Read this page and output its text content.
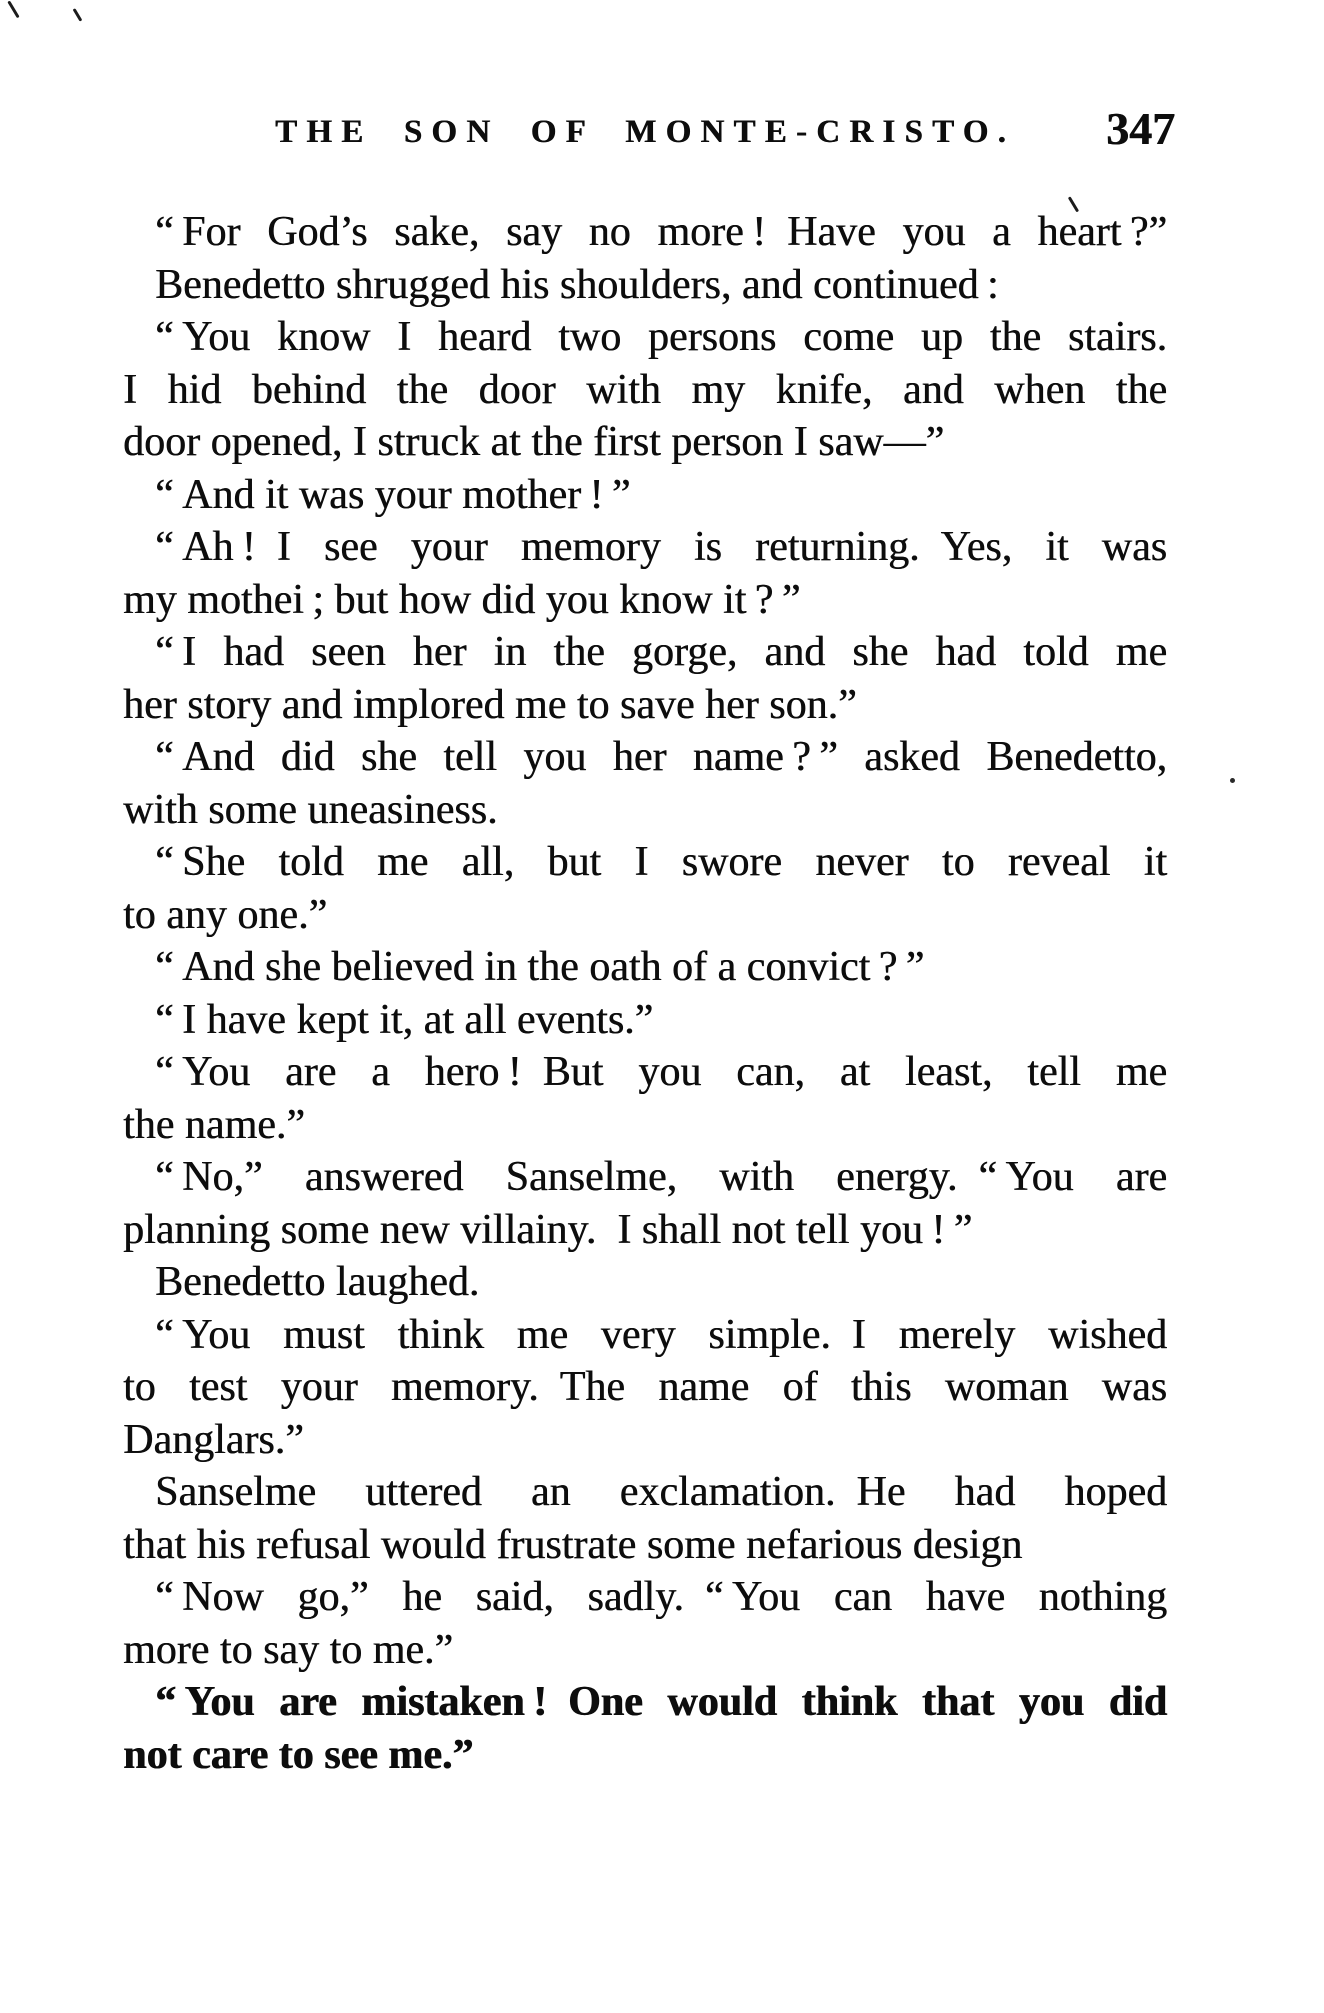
THE SON OF MONTE-CRISTO.	347
“ For God’s sake, say no more ! Have you a heart ?”
Benedetto shrugged his shoulders, and continued :
“ You know I heard two persons come up the stairs.
I hid behind the door with my knife, and when the
door opened, I struck at the first person I saw—”
“ And it was your mother ! ”
“ Ah ! I see your memory is returning. Yes, it was
my mothei ; but how did you know it ? ”
“ I had seen her in the gorge, and she had told me
her story and implored me to save her son.”
“ And did she tell you her name ? ” asked Benedetto,
with some uneasiness.
“ She told me all, but I swore never to reveal it
to any one.”
“ And she believed in the oath of a convict ? ”
“ I have kept it, at all events.”
“ You are a hero ! But you can, at least, tell me
the name.”
“ No,” answered Sanselme, with energy. “ You are
planning some new villainy. I shall not tell you ! ”
Benedetto laughed.
“ You must think me very simple. I merely wished
to test your memory. The name of this woman was
Danglars.”
Sanselme uttered an exclamation. He had hoped
that his refusal would frustrate some nefarious design
“ Now go,” he said, sadly. “ You can have nothing
more to say to me.”
“ You are mistaken ! One would think that you did
not care to see me.”
